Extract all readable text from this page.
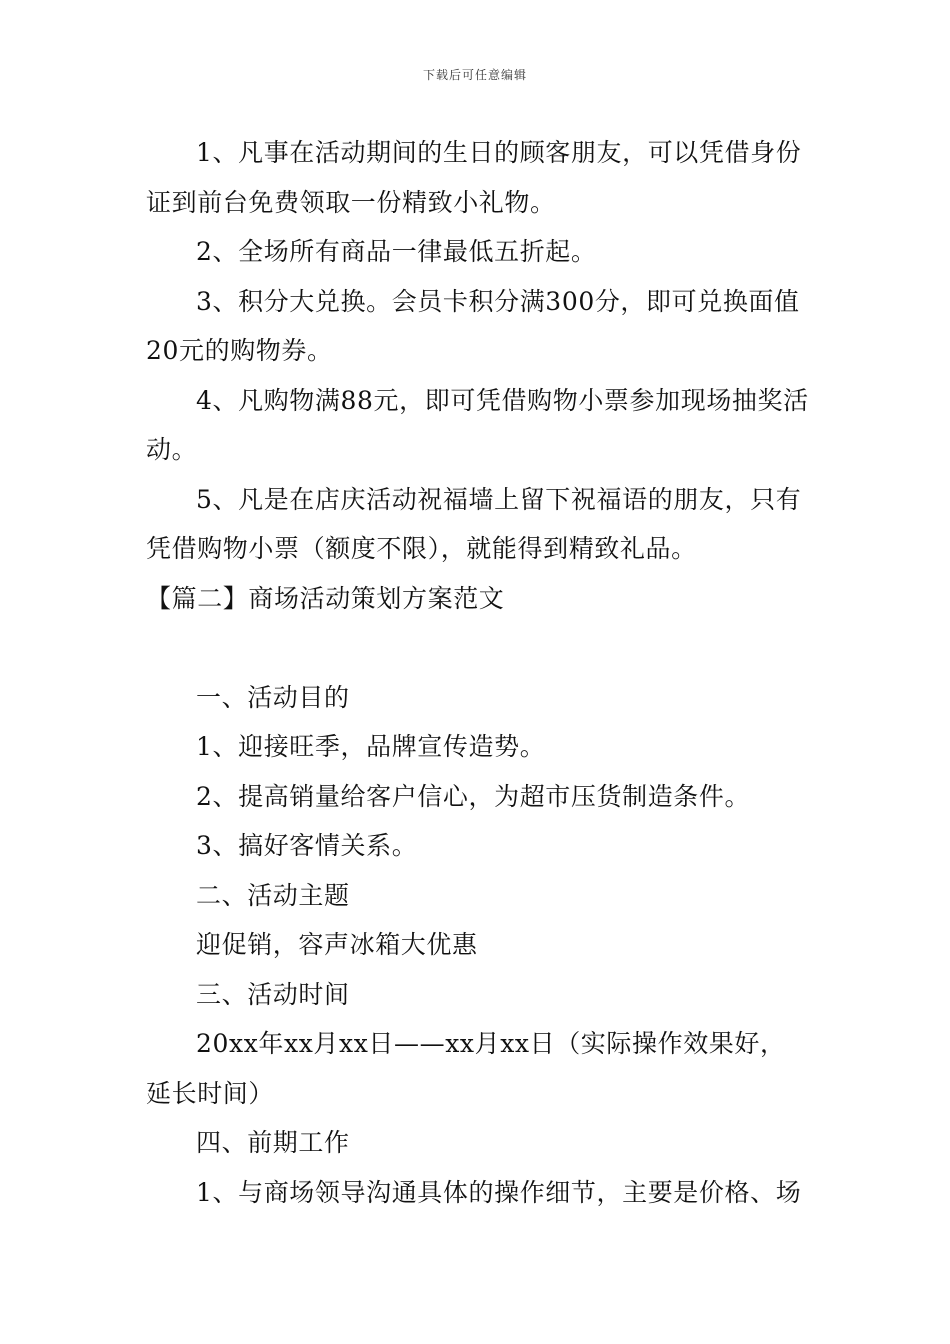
下载后可任意编辑
1、凡事在活动期间的生日的顾客朋友，可以凭借身份
证到前台免费领取一份精致小礼物。
2、全场所有商品一律最低五折起。
3、积分大兑换。会员卡积分满300分，即可兑换面值
20元的购物券。
4、凡购物满88元，即可凭借购物小票参加现场抽奖活
动。
5、凡是在店庆活动祝福墙上留下祝福语的朋友，只有
凭借购物小票（额度不限），就能得到精致礼品。
【篇二】商场活动策划方案范文
一、活动目的
1、迎接旺季，品牌宣传造势。
2、提高销量给客户信心，为超市压货制造条件。
3、搞好客情关系。
二、活动主题
迎促销，容声冰箱大优惠
三、活动时间
20xx年xx月xx日——xx月xx日（实际操作效果好，
延长时间）
四、前期工作
1、与商场领导沟通具体的操作细节，主要是价格、场
